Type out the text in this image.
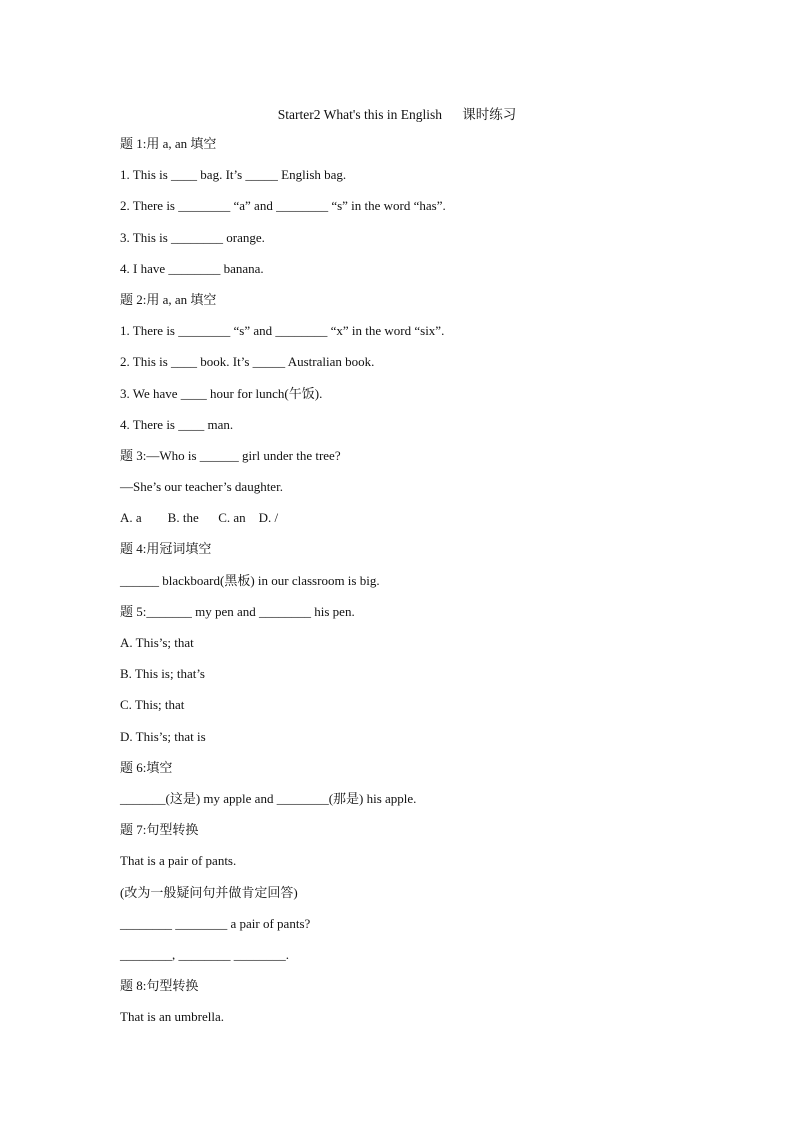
Starter2 What's this in English      课时练习
题 1:用 a, an 填空
1. This is ____ bag. It’s _____ English bag.
2. There is ________ “a” and ________ “s” in the word “has”.
3. This is ________ orange.
4. I have ________ banana.
题 2:用 a, an 填空
1. There is ________ “s” and ________ “x” in the word “six”.
2. This is ____ book. It’s _____ Australian book.
3. We have ____ hour for lunch(午饭).
4. There is ____ man.
题 3:—Who is ______ girl under the tree?
—She’s our teacher’s daughter.
A. a        B. the      C. an    D. /
题 4:用冠词填空
______ blackboard(黑板) in our classroom is big.
题 5:_______ my pen and ________ his pen.
A. This’s; that
B. This is; that’s
C. This; that
D. This’s; that is
题 6:填空
_______(这是) my apple and ________(那是) his apple.
题 7:句型转换
That is a pair of pants.
(改为一般疑问句并做肯定回答)
________ ________ a pair of pants?
________, ________ ________.
题 8:句型转换
That is an umbrella.
